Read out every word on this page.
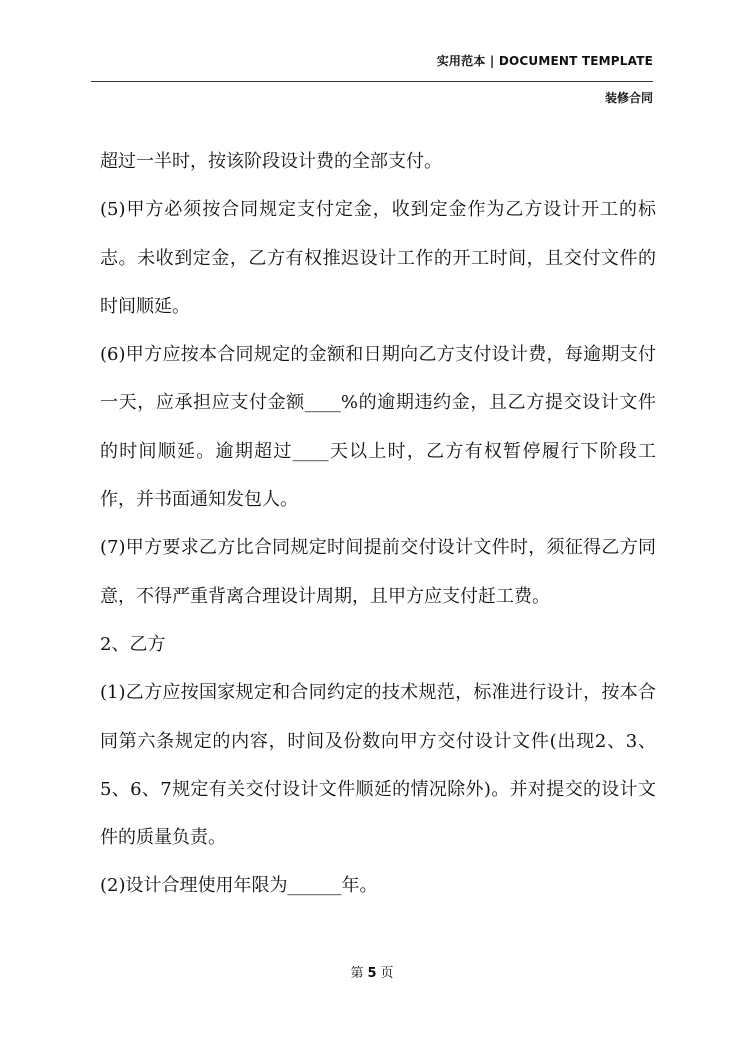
实用范本 | DOCUMENT TEMPLATE
装修合同

超过一半时，按该阶段设计费的全部支付。

(5)甲方必须按合同规定支付定金，收到定金作为乙方设计开工的标志。未收到定金，乙方有权推迟设计工作的开工时间，且交付文件的时间顺延。

(6)甲方应按本合同规定的金额和日期向乙方支付设计费，每逾期支付一天，应承担应支付金额____%的逾期违约金，且乙方提交设计文件的时间顺延。逾期超过____天以上时，乙方有权暂停履行下阶段工作，并书面通知发包人。

(7)甲方要求乙方比合同规定时间提前交付设计文件时，须征得乙方同意，不得严重背离合理设计周期，且甲方应支付赶工费。

2、乙方

(1)乙方应按国家规定和合同约定的技术规范，标准进行设计，按本合同第六条规定的内容，时间及份数向甲方交付设计文件(出现2、3、5、6、7规定有关交付设计文件顺延的情况除外)。并对提交的设计文件的质量负责。

(2)设计合理使用年限为______年。

第 5 页
